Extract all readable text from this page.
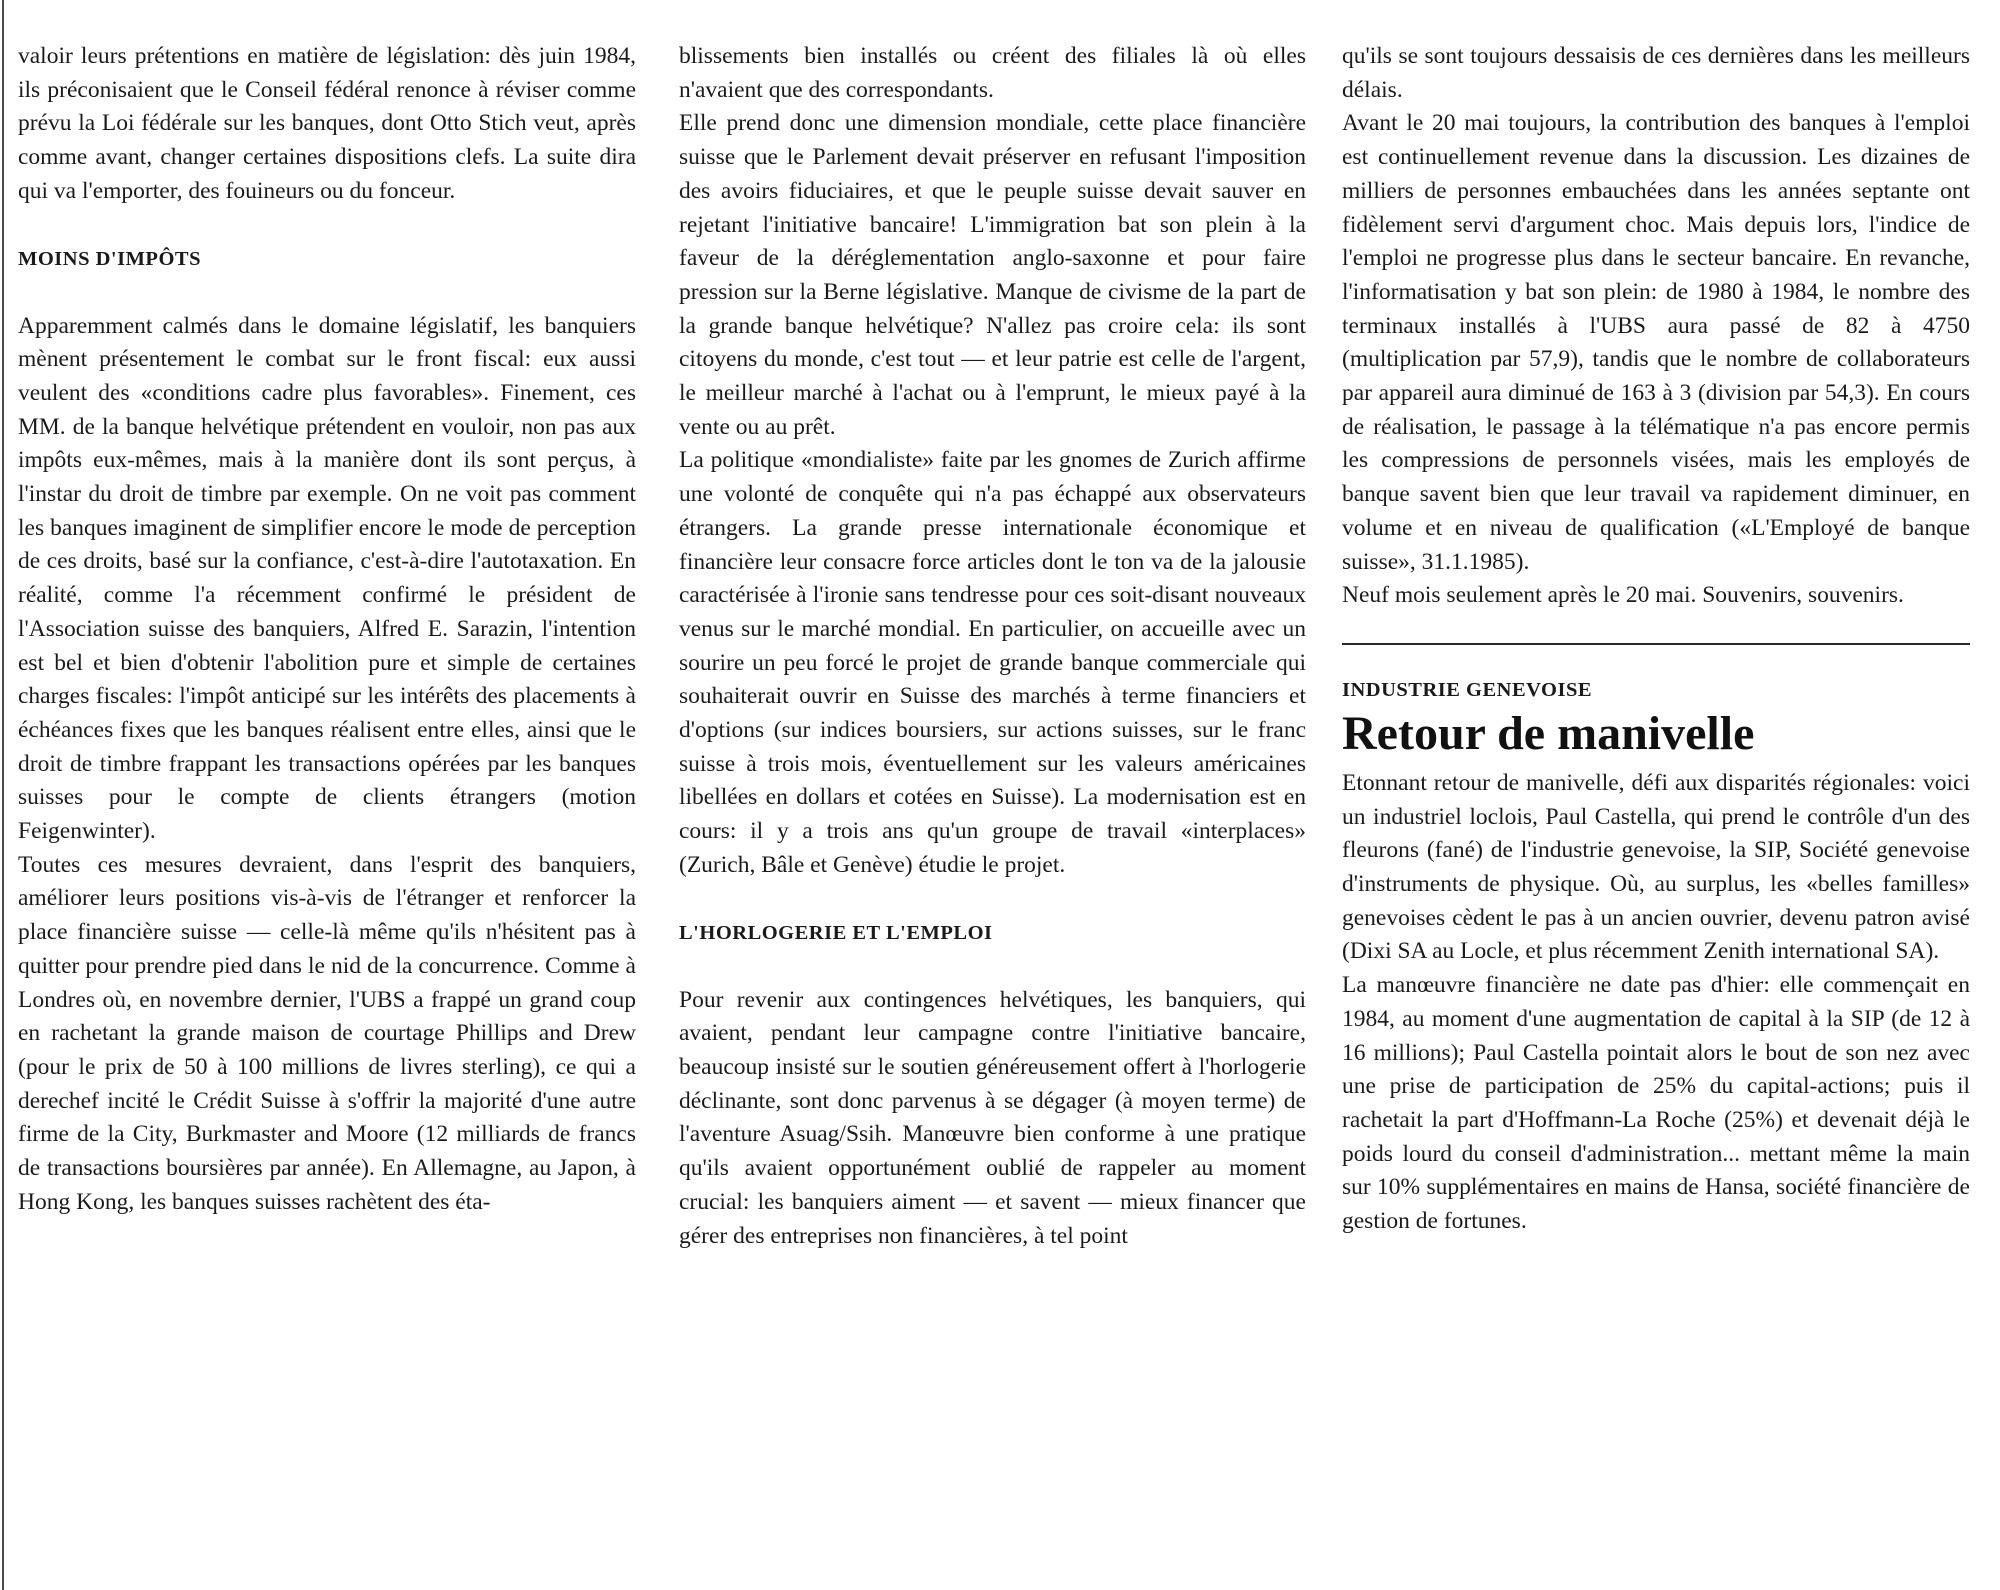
valoir leurs prétentions en matière de législation: dès juin 1984, ils préconisaient que le Conseil fédéral renonce à réviser comme prévu la Loi fédérale sur les banques, dont Otto Stich veut, après comme avant, changer certaines dispositions clefs. La suite dira qui va l'emporter, des fouineurs ou du fonceur.

MOINS D'IMPÔTS

Apparemment calmés dans le domaine législatif, les banquiers mènent présentement le combat sur le front fiscal: eux aussi veulent des «conditions cadre plus favorables». Finement, ces MM. de la banque helvétique prétendent en vouloir, non pas aux impôts eux-mêmes, mais à la manière dont ils sont perçus, à l'instar du droit de timbre par exemple. On ne voit pas comment les banques imaginent de simplifier encore le mode de perception de ces droits, basé sur la confiance, c'est-à-dire l'autotaxation. En réalité, comme l'a récemment confirmé le président de l'Association suisse des banquiers, Alfred E. Sarazin, l'intention est bel et bien d'obtenir l'abolition pure et simple de certaines charges fiscales: l'impôt anticipé sur les intérêts des placements à échéances fixes que les banques réalisent entre elles, ainsi que le droit de timbre frappant les transactions opérées par les banques suisses pour le compte de clients étrangers (motion Feigenwinter).

Toutes ces mesures devraient, dans l'esprit des banquiers, améliorer leurs positions vis-à-vis de l'étranger et renforcer la place financière suisse — celle-là même qu'ils n'hésitent pas à quitter pour prendre pied dans le nid de la concurrence. Comme à Londres où, en novembre dernier, l'UBS a frappé un grand coup en rachetant la grande maison de courtage Phillips and Drew (pour le prix de 50 à 100 millions de livres sterling), ce qui a derechef incité le Crédit Suisse à s'offrir la majorité d'une autre firme de la City, Burkmaster and Moore (12 milliards de francs de transactions boursières par année). En Allemagne, au Japon, à Hong Kong, les banques suisses rachètent des éta-

blissements bien installés ou créent des filiales là où elles n'avaient que des correspondants.

Elle prend donc une dimension mondiale, cette place financière suisse que le Parlement devait préserver en refusant l'imposition des avoirs fiduciaires, et que le peuple suisse devait sauver en rejetant l'initiative bancaire! L'immigration bat son plein à la faveur de la déréglementation anglo-saxonne et pour faire pression sur la Berne législative. Manque de civisme de la part de la grande banque helvétique? N'allez pas croire cela: ils sont citoyens du monde, c'est tout — et leur patrie est celle de l'argent, le meilleur marché à l'achat ou à l'emprunt, le mieux payé à la vente ou au prêt.

La politique «mondialiste» faite par les gnomes de Zurich affirme une volonté de conquête qui n'a pas échappé aux observateurs étrangers. La grande presse internationale économique et financière leur consacre force articles dont le ton va de la jalousie caractérisée à l'ironie sans tendresse pour ces soit-disant nouveaux venus sur le marché mondial. En particulier, on accueille avec un sourire un peu forcé le projet de grande banque commerciale qui souhaiterait ouvrir en Suisse des marchés à terme financiers et d'options (sur indices boursiers, sur actions suisses, sur le franc suisse à trois mois, éventuellement sur les valeurs américaines libellées en dollars et cotées en Suisse). La modernisation est en cours: il y a trois ans qu'un groupe de travail «interplaces» (Zurich, Bâle et Genève) étudie le projet.

L'HORLOGERIE ET L'EMPLOI

Pour revenir aux contingences helvétiques, les banquiers, qui avaient, pendant leur campagne contre l'initiative bancaire, beaucoup insisté sur le soutien généreusement offert à l'horlogerie déclinante, sont donc parvenus à se dégager (à moyen terme) de l'aventure Asuag/Ssih. Manœuvre bien conforme à une pratique qu'ils avaient opportunément oublié de rappeler au moment crucial: les banquiers aiment — et savent — mieux financer que gérer des entreprises non financières, à tel point

qu'ils se sont toujours dessaisis de ces dernières dans les meilleurs délais.

Avant le 20 mai toujours, la contribution des banques à l'emploi est continuellement revenue dans la discussion. Les dizaines de milliers de personnes embauchées dans les années septante ont fidèlement servi d'argument choc. Mais depuis lors, l'indice de l'emploi ne progresse plus dans le secteur bancaire. En revanche, l'informatisation y bat son plein: de 1980 à 1984, le nombre des terminaux installés à l'UBS aura passé de 82 à 4750 (multiplication par 57,9), tandis que le nombre de collaborateurs par appareil aura diminué de 163 à 3 (division par 54,3). En cours de réalisation, le passage à la télématique n'a pas encore permis les compressions de personnels visées, mais les employés de banque savent bien que leur travail va rapidement diminuer, en volume et en niveau de qualification («L'Employé de banque suisse», 31.1.1985).

Neuf mois seulement après le 20 mai. Souvenirs, souvenirs.

INDUSTRIE GENEVOISE
Retour de manivelle

Etonnant retour de manivelle, défi aux disparités régionales: voici un industriel loclois, Paul Castella, qui prend le contrôle d'un des fleurons (fané) de l'industrie genevoise, la SIP, Société genevoise d'instruments de physique. Où, au surplus, les «belles familles» genevoises cèdent le pas à un ancien ouvrier, devenu patron avisé (Dixi SA au Locle, et plus récemment Zenith international SA).

La manœuvre financière ne date pas d'hier: elle commençait en 1984, au moment d'une augmentation de capital à la SIP (de 12 à 16 millions); Paul Castella pointait alors le bout de son nez avec une prise de participation de 25% du capital-actions; puis il rachetait la part d'Hoffmann-La Roche (25%) et devenait déjà le poids lourd du conseil d'administration... mettant même la main sur 10% supplémentaires en mains de Hansa, société financière de gestion de fortunes.
